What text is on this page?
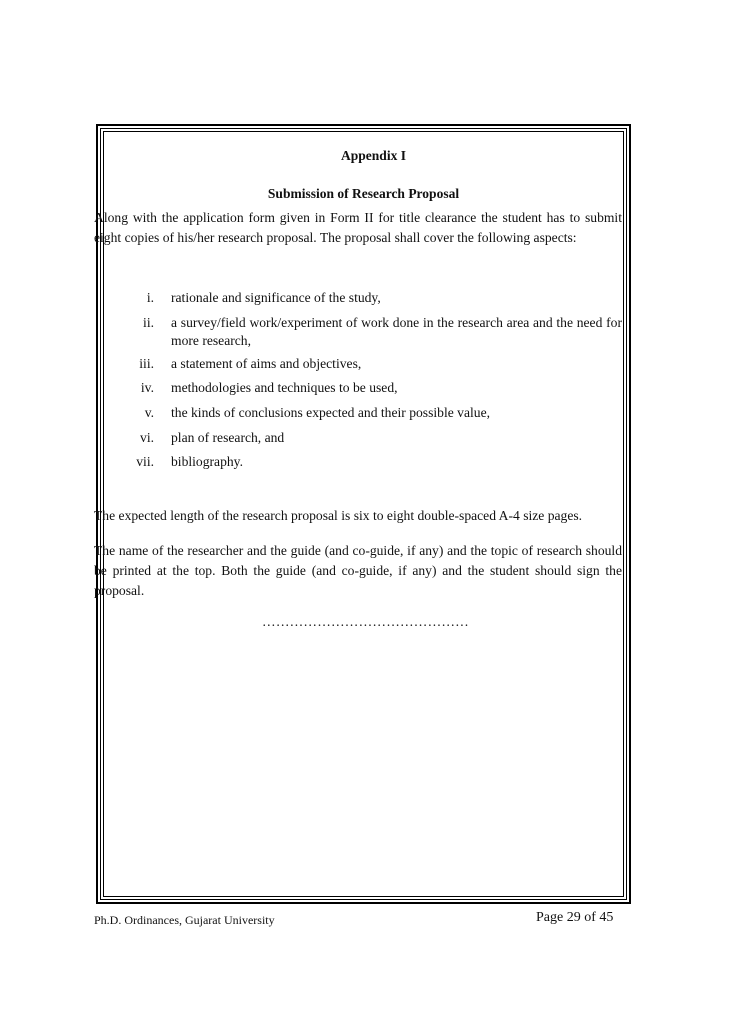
Appendix I
Submission of Research Proposal

Along with the application form given in Form II for title clearance the student has to submit eight copies of his/her research proposal. The proposal shall cover the following aspects:

i. rationale and significance of the study,
ii. a survey/field work/experiment of work done in the research area and the need for more research,
iii. a statement of aims and objectives,
iv. methodologies and techniques to be used,
v. the kinds of conclusions expected and their possible value,
vi. plan of research, and
vii. bibliography.

The expected length of the research proposal is six to eight double-spaced A-4 size pages.

The name of the researcher and the guide (and co-guide, if any) and the topic of research should be printed at the top. Both the guide (and co-guide, if any) and the student should sign the proposal.

………………………………………
Ph.D. Ordinances, Gujarat University	Page 29 of 45
